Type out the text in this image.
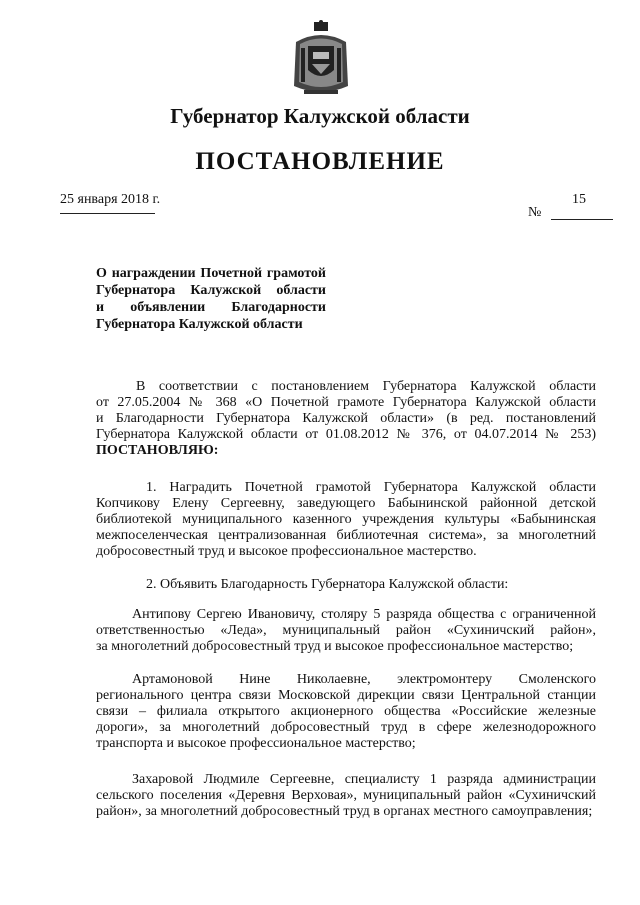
Губернатор Калужской области
ПОСТАНОВЛЕНИЕ
25 января 2018 г.	15
№
О награждении Почетной грамотой
Губернатора Калужской области
и объявлении Благодарности
Губернатора Калужской области
В соответствии с постановлением Губернатора Калужской области
от 27.05.2004 № 368 «О Почетной грамоте Губернатора Калужской области
и Благодарности Губернатора Калужской области» (в ред. постановлений
Губернатора Калужской области от 01.08.2012 № 376, от 04.07.2014 № 253)
ПОСТАНОВЛЯЮ:
1. Наградить Почетной грамотой Губернатора Калужской области
Копчикову Елену Сергеевну, заведующего Бабынинской районной детской
библиотекой муниципального казенного учреждения культуры «Бабынинская
межпоселенческая централизованная библиотечная система», за многолетний
добросовестный труд и высокое профессиональное мастерство.
2. Объявить Благодарность Губернатора Калужской области:
Антипову Сергею Ивановичу, столяру 5 разряда общества с ограниченной
ответственностью «Леда», муниципальный район «Сухиничский район»,
за многолетний добросовестный труд и высокое профессиональное мастерство;
Артамоновой Нине Николаевне, электромонтеру Смоленского
регионального центра связи Московской дирекции связи Центральной станции
связи – филиала открытого акционерного общества «Российские железные
дороги», за многолетний добросовестный труд в сфере железнодорожного
транспорта и высокое профессиональное мастерство;
Захаровой Людмиле Сергеевне, специалисту 1 разряда администрации
сельского поселения «Деревня Верховая», муниципальный район «Сухиничский
район», за многолетний добросовестный труд в органах местного самоуправления;
